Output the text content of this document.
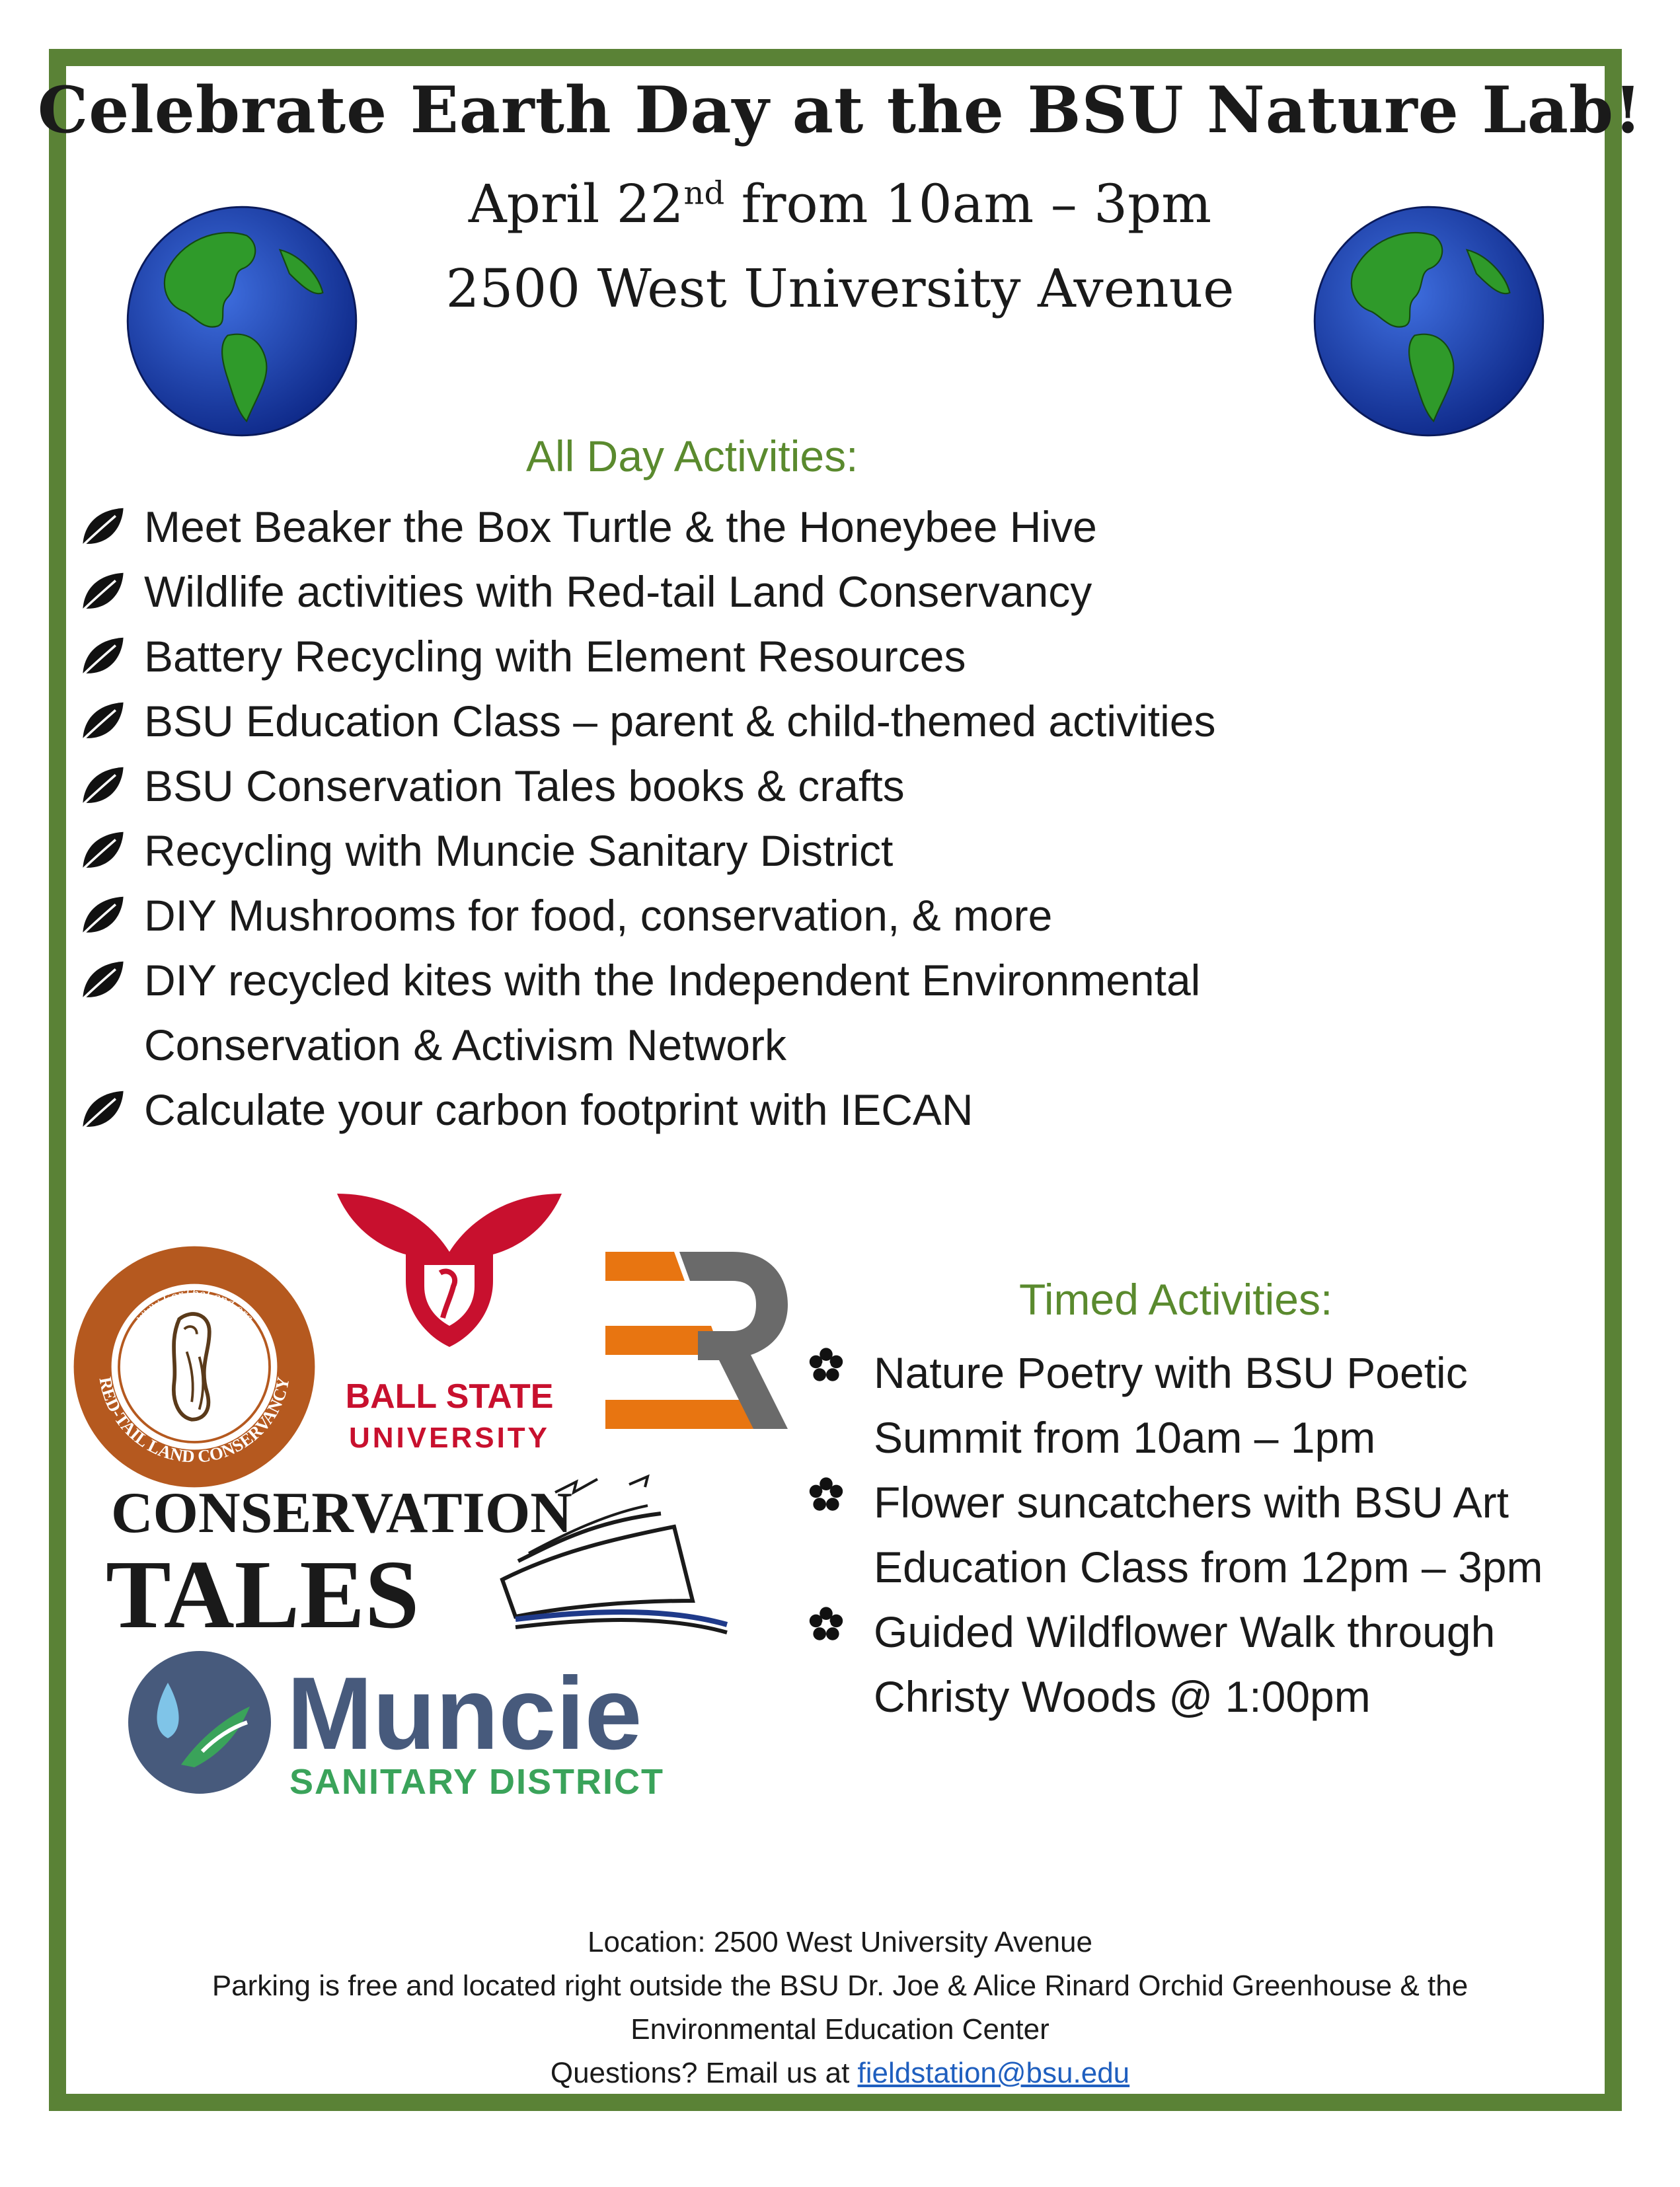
Celebrate Earth Day at the BSU Nature Lab!
April 22nd from 10am – 3pm
2500 West University Avenue
All Day Activities:
Meet Beaker the Box Turtle & the Honeybee Hive
Wildlife activities with Red-tail Land Conservancy
Battery Recycling with Element Resources
BSU Education Class – parent & child-themed activities
BSU Conservation Tales books & crafts
Recycling with Muncie Sanitary District
DIY Mushrooms for food, conservation, & more
DIY recycled kites with the Independent Environmental Conservation & Activism Network
Calculate your carbon footprint with IECAN
www.ForTheLand.org
RED-TAIL LAND CONSERVANCY	BALL STATE
UNIVERSITY
CONSERVATION
TALES
Muncie
SANITARY DISTRICT
Timed Activities:
Nature Poetry with BSU Poetic Summit from 10am – 1pm
Flower suncatchers with BSU Art Education Class from 12pm – 3pm
Guided Wildflower Walk through Christy Woods @ 1:00pm
Location: 2500 West University Avenue
Parking is free and located right outside the BSU Dr. Joe & Alice Rinard Orchid Greenhouse & the Environmental Education Center
Questions? Email us at fieldstation@bsu.edu
